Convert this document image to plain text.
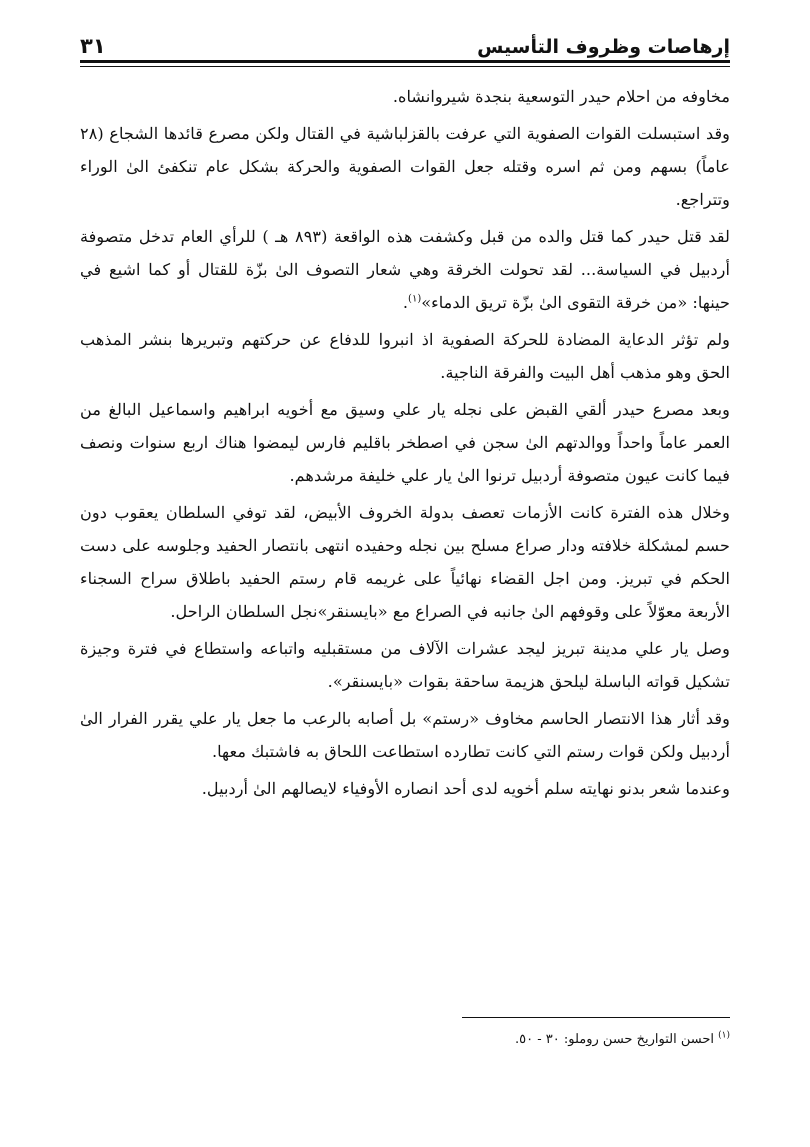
إرهاصات وظروف التأسيس
٣١

مخاوفه من احلام حيدر التوسعية بنجدة شيروانشاه.

وقد استبسلت القوات الصفوية التي عرفت بالقزلباشية في القتال ولكن مصرع قائدها الشجاع (٢٨ عاماً) بسهم ومن ثم اسره وقتله جعل القوات الصفوية والحركة بشكل عام تنكفئ الىٰ الوراء وتتراجع.

لقد قتل حيدر كما قتل والده من قبل وكشفت هذه الواقعة (٨٩٣ هـ ) للرأي العام تدخل متصوفة أردبيل في السياسة... لقد تحولت الخرقة وهي شعار التصوف الىٰ بزّة للقتال أو كما اشيع في حينها: «من خرقة التقوى الىٰ بزّة تريق الدماء»$^{(١)}$.

ولم تؤثر الدعاية المضادة للحركة الصفوية اذ انبروا للدفاع عن حركتهم وتبريرها بنشر المذهب الحق وهو مذهب أهل البيت والفرقة الناجية.

وبعد مصرع حيدر ألقي القبض على نجله يار علي وسيق مع أخويه ابراهيم واسماعيل البالغ من العمر عاماً واحداً ووالدتهم الىٰ سجن في اصطخر باقليم فارس ليمضوا هناك اربع سنوات ونصف فيما كانت عيون متصوفة أردبيل ترنوا الىٰ يار علي خليفة مرشدهم.

وخلال هذه الفترة كانت الأزمات تعصف بدولة الخروف الأبيض، لقد توفي السلطان يعقوب دون حسم لمشكلة خلافته ودار صراع مسلح بين نجله وحفيده انتهى بانتصار الحفيد وجلوسه على دست الحكم في تبريز. ومن اجل القضاء نهائياً على غريمه قام رستم الحفيد باطلاق سراح السجناء الأربعة معوّلاً على وقوفهم الىٰ جانبه في الصراع مع «بايسنقر»نجل السلطان الراحل.

وصل يار علي مدينة تبريز ليجد عشرات الآلاف من مستقبليه واتباعه واستطاع في فترة وجيزة تشكيل قواته الباسلة ليلحق هزيمة ساحقة بقوات «بايسنقر».

وقد أثار هذا الانتصار الحاسم مخاوف «رستم» بل أصابه بالرعب ما جعل يار علي يقرر الفرار الىٰ أردبيل ولكن قوات رستم التي كانت تطارده استطاعت اللحاق به فاشتبك معها.

وعندما شعر بدنو نهايته سلم أخويه لدى أحد انصاره الأوفياء لايصالهم الىٰ أردبيل.

$^{(١)}$ احسن التواريخ حسن روملو: ٣٠ - ٥٠.
